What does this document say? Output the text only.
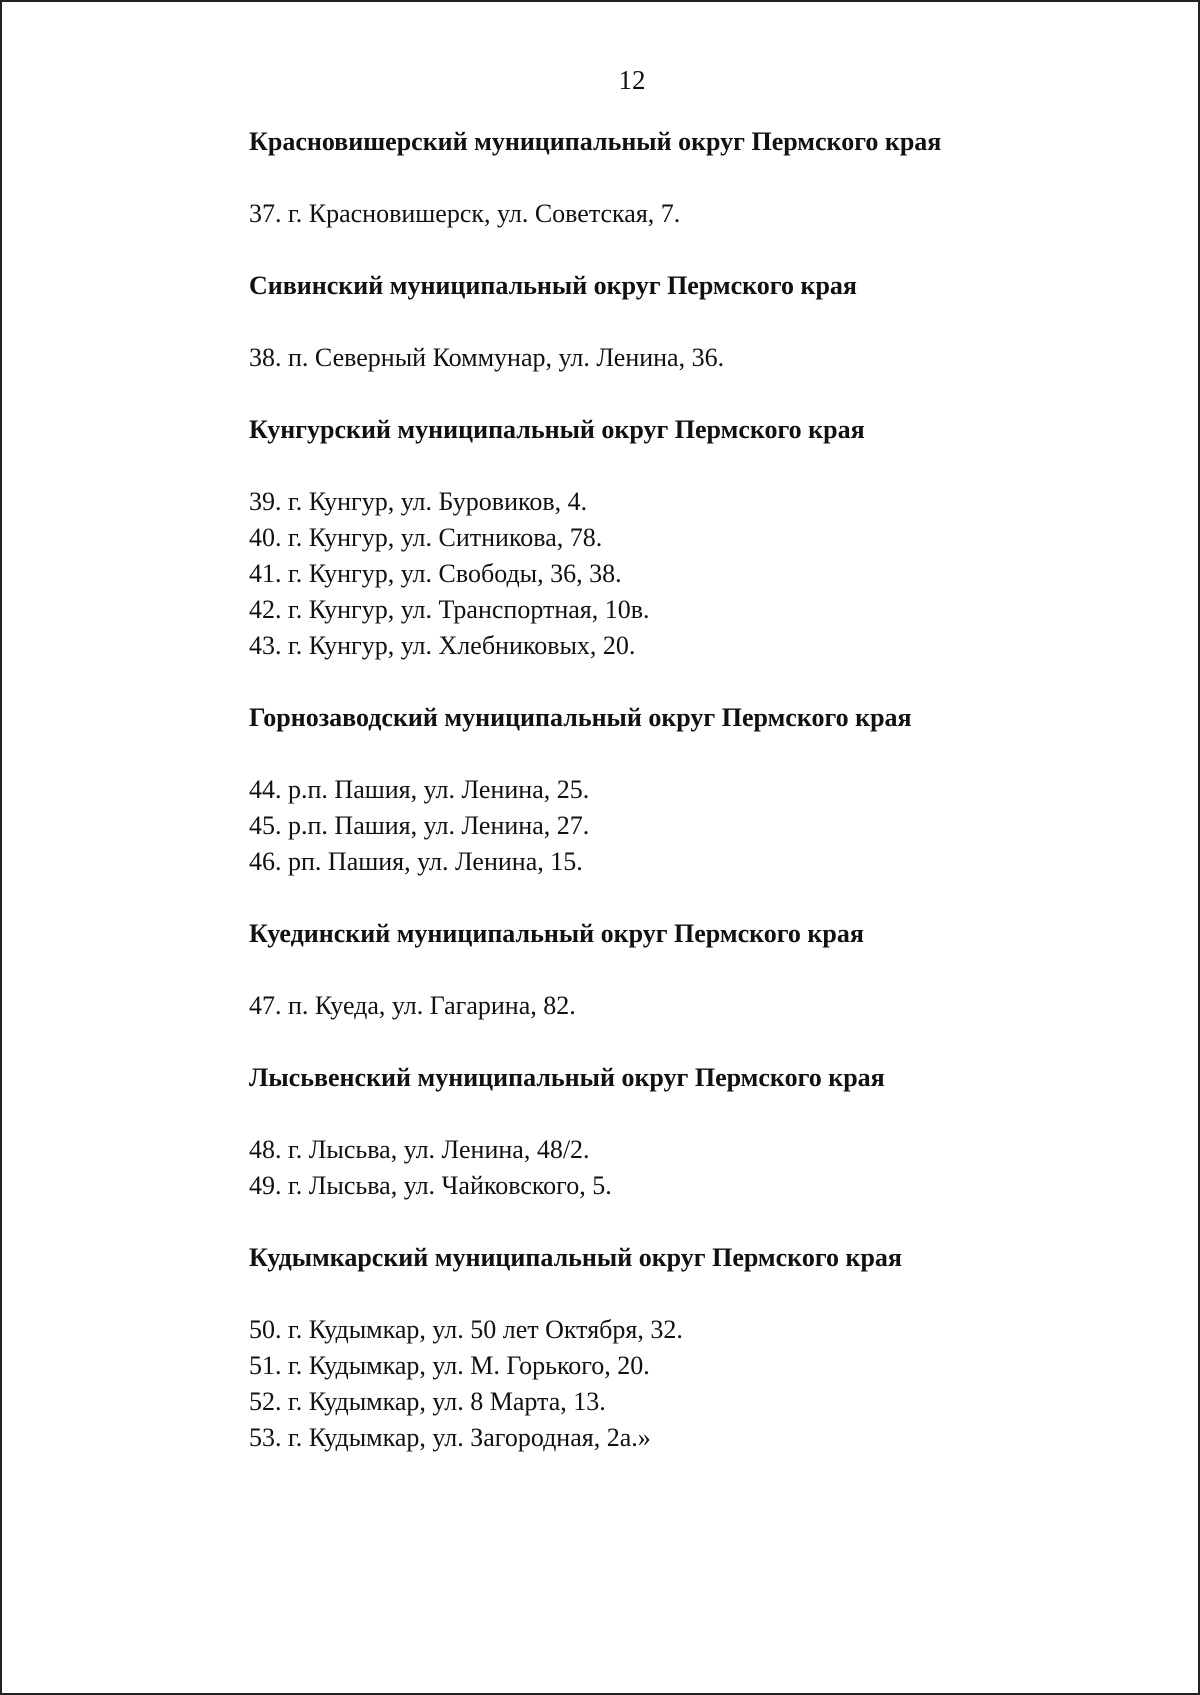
12
Красновишерский муниципальный округ Пермского края
37. г. Красновишерск, ул. Советская, 7.
Сивинский муниципальный округ Пермского края
38. п. Северный Коммунар, ул. Ленина, 36.
Кунгурский муниципальный округ Пермского края
39. г. Кунгур, ул. Буровиков, 4.
40. г. Кунгур, ул. Ситникова, 78.
41. г. Кунгур, ул. Свободы, 36, 38.
42. г. Кунгур, ул. Транспортная, 10в.
43. г. Кунгур, ул. Хлебниковых, 20.
Горнозаводский муниципальный округ Пермского края
44. р.п. Пашия, ул. Ленина, 25.
45. р.п. Пашия, ул. Ленина, 27.
46. рп. Пашия, ул. Ленина, 15.
Куединский муниципальный округ Пермского края
47. п. Куеда, ул. Гагарина, 82.
Лысьвенский муниципальный округ Пермского края
48. г. Лысьва, ул. Ленина, 48/2.
49. г. Лысьва, ул. Чайковского, 5.
Кудымкарский муниципальный округ Пермского края
50. г. Кудымкар, ул. 50 лет Октября, 32.
51. г. Кудымкар, ул. М. Горького, 20.
52. г. Кудымкар, ул. 8 Марта, 13.
53. г. Кудымкар, ул. Загородная, 2а.»
